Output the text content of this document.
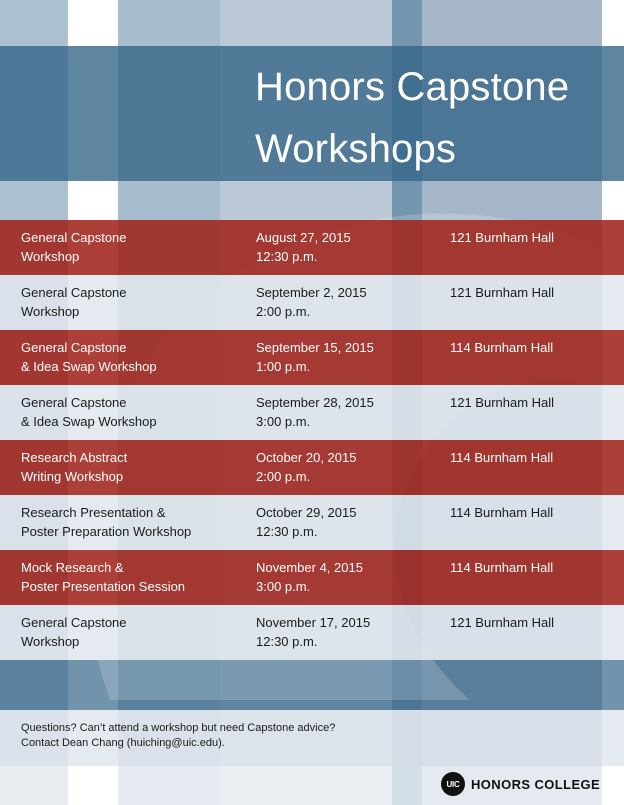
Honors Capstone
Workshops
General Capstone
Workshop
August 27, 2015
12:30 p.m.
121 Burnham Hall
General Capstone
Workshop
September 2, 2015
2:00 p.m.
121 Burnham Hall
General Capstone
& Idea Swap Workshop
September 15, 2015
1:00 p.m.
114 Burnham Hall
General Capstone
& Idea Swap Workshop
September 28, 2015
3:00 p.m.
121 Burnham Hall
Research Abstract
Writing Workshop
October 20, 2015
2:00 p.m.
114 Burnham Hall
Research Presentation &
Poster Preparation Workshop
October 29, 2015
12:30 p.m.
114 Burnham Hall
Mock Research &
Poster Presentation Session
November 4, 2015
3:00 p.m.
114 Burnham Hall
General Capstone
Workshop
November 17, 2015
12:30 p.m.
121 Burnham Hall
Questions? Can’t attend a workshop but need Capstone advice?
Contact Dean Chang (huiching@uic.edu).
UIC HONORS COLLEGE
